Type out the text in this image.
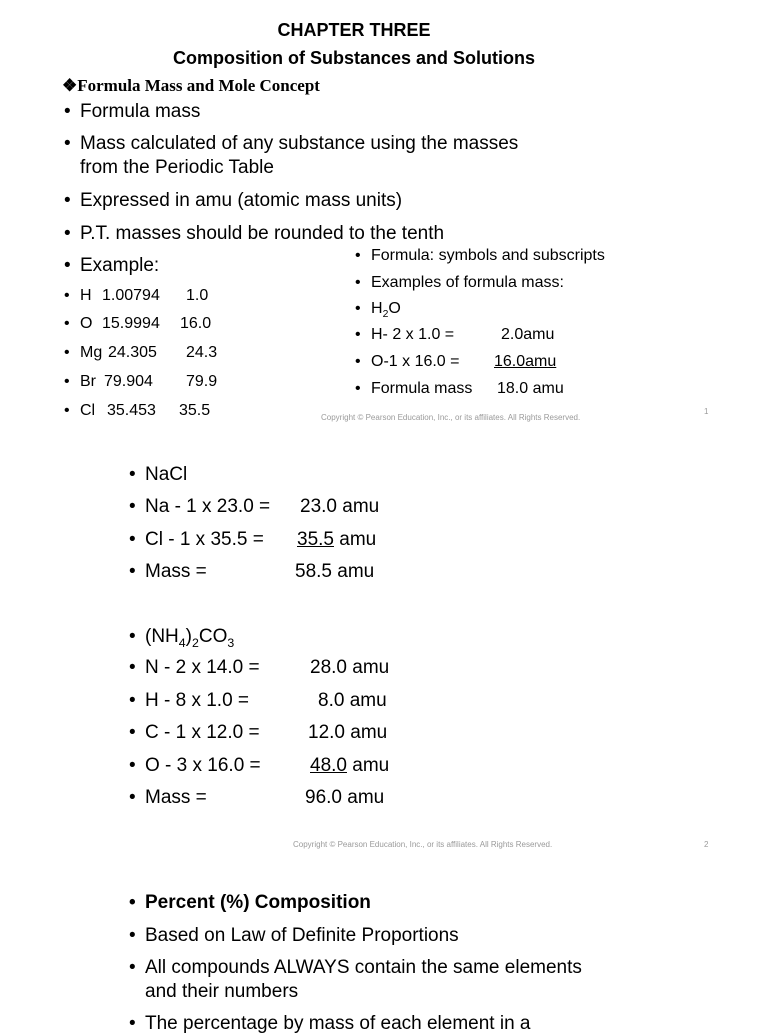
CHAPTER THREE
Composition of Substances and Solutions
❖Formula Mass and Mole Concept
• Formula mass
• Mass calculated of any substance using the masses
from the Periodic Table
• Expressed in amu (atomic mass units)
• P.T. masses should be rounded to the tenth
• Example:
H 1.00794 1.0
O 15.9994 16.0
Mg 24.305 24.3
Br 79.904 79.9
Cl 35.453 35.5
• Formula: symbols and subscripts
• Examples of formula mass:
• $H_2O$
• H- 2 x 1.0 =	2.0amu
• O-1 x 16.0 = 16.0amu
• Formula mass 18.0 amu
Copyright © Pearson Education, Inc., or its affiliates. All Rights Reserved.
1
• NaCl
• Na - 1 x 23.0 = 23.0 amu
• Cl - 1 x 35.5 = 35.5 amu
• Mass =	58.5 amu
• $(NH_4)_2CO_3$
• N - 2 x 14.0 =	28.0 amu
• H - 8 x 1.0 =	8.0 amu
• C - 1 x 12.0 =	12.0 amu
• O - 3 x 16.0 =	48.0 amu
• Mass =	96.0 amu
Copyright © Pearson Education, Inc., or its affiliates. All Rights Reserved.	2
• Percent (%) Composition
• Based on Law of Definite Proportions
• All compounds ALWAYS contain the same elements
and their numbers
• The percentage by mass of each element in a
